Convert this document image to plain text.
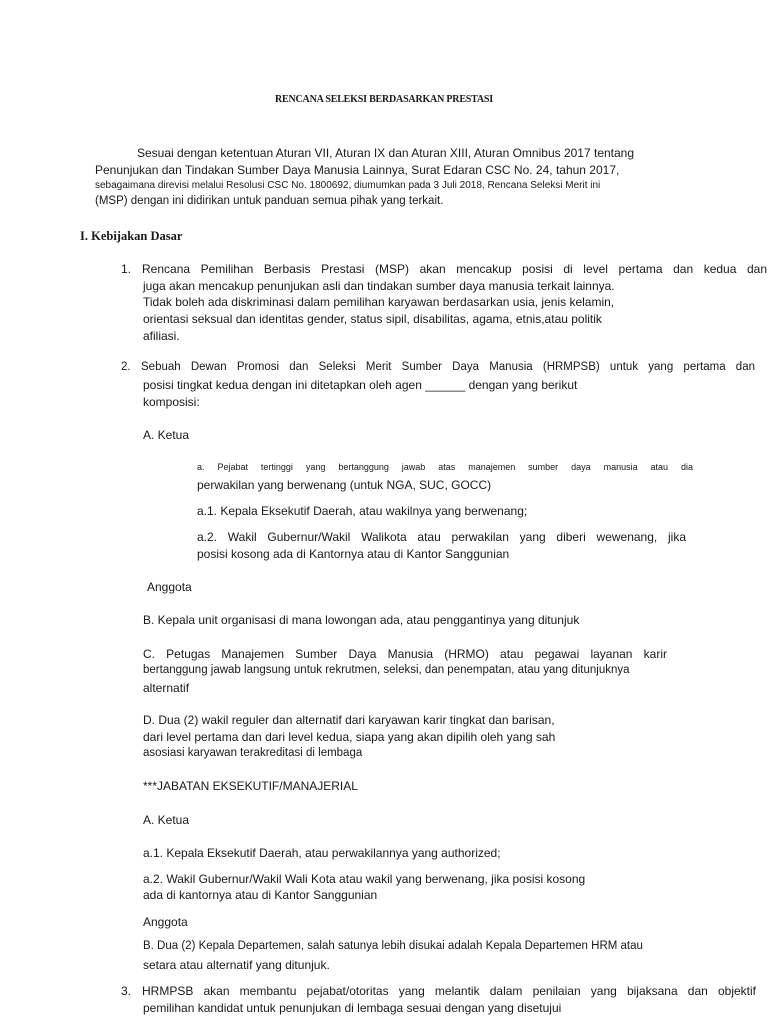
RENCANA SELEKSI BERDASARKAN PRESTASI
Sesuai dengan ketentuan Aturan VII, Aturan IX dan Aturan XIII, Aturan Omnibus 2017 tentang
Penunjukan dan Tindakan Sumber Daya Manusia Lainnya, Surat Edaran CSC No. 24, tahun 2017,
sebagaimana direvisi melalui Resolusi CSC No. 1800692, diumumkan pada 3 Juli 2018, Rencana Seleksi Merit ini
(MSP) dengan ini didirikan untuk panduan semua pihak yang terkait.
I. Kebijakan Dasar
1. Rencana Pemilihan Berbasis Prestasi (MSP) akan mencakup posisi di level pertama dan kedua dan
juga akan mencakup penunjukan asli dan tindakan sumber daya manusia terkait lainnya.
Tidak boleh ada diskriminasi dalam pemilihan karyawan berdasarkan usia, jenis kelamin,
orientasi seksual dan identitas gender, status sipil, disabilitas, agama, etnis,atau politik
afiliasi.
2. Sebuah Dewan Promosi dan Seleksi Merit Sumber Daya Manusia (HRMPSB) untuk yang pertama dan
posisi tingkat kedua dengan ini ditetapkan oleh agen ______ dengan yang berikut
komposisi:
A. Ketua
a. Pejabat tertinggi yang bertanggung jawab atas manajemen sumber daya manusia atau dia
perwakilan yang berwenang (untuk NGA, SUC, GOCC)
a.1. Kepala Eksekutif Daerah, atau wakilnya yang berwenang;
a.2. Wakil Gubernur/Wakil Walikota atau perwakilan yang diberi wewenang, jika
posisi kosong ada di Kantornya atau di Kantor Sanggunian
Anggota
B. Kepala unit organisasi di mana lowongan ada, atau penggantinya yang ditunjuk
C. Petugas Manajemen Sumber Daya Manusia (HRMO) atau pegawai layanan karir
bertanggung jawab langsung untuk rekrutmen, seleksi, dan penempatan, atau yang ditunjuknya
alternatif
D. Dua (2) wakil reguler dan alternatif dari karyawan karir tingkat dan barisan,
dari level pertama dan dari level kedua, siapa yang akan dipilih oleh yang sah
asosiasi karyawan terakreditasi di lembaga
***JABATAN EKSEKUTIF/MANAJERIAL
A. Ketua
a.1. Kepala Eksekutif Daerah, atau perwakilannya yang authorized;
a.2. Wakil Gubernur/Wakil Wali Kota atau wakil yang berwenang, jika posisi kosong
ada di kantornya atau di Kantor Sanggunian
Anggota
B. Dua (2) Kepala Departemen, salah satunya lebih disukai adalah Kepala Departemen HRM atau
setara atau alternatif yang ditunjuk.
3. HRMPSB akan membantu pejabat/otoritas yang melantik dalam penilaian yang bijaksana dan objektif
pemilihan kandidat untuk penunjukan di lembaga sesuai dengan yang disetujui
